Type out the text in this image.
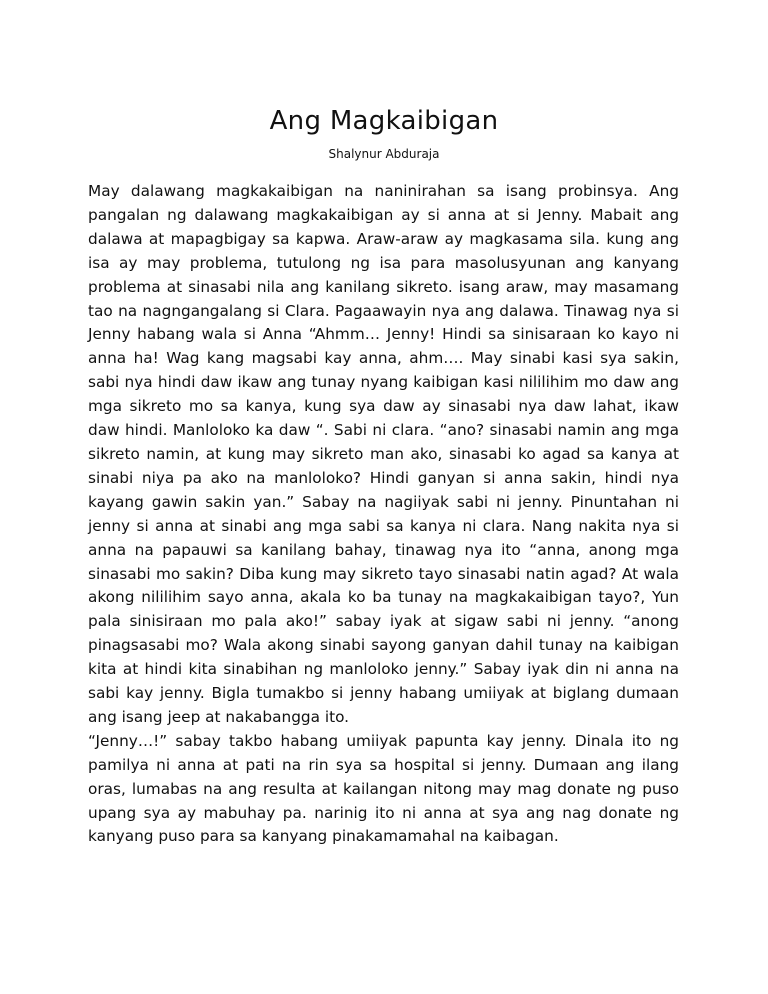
Ang Magkaibigan
Shalynur Abduraja

May dalawang magkakaibigan na naninirahan sa isang probinsya. Ang pangalan ng dalawang magkakaibigan ay si anna at si Jenny. Mabait ang dalawa at mapagbigay sa kapwa. Araw-araw ay magkasama sila. kung ang isa ay may problema, tutulong ng isa para masolusyunan ang kanyang problema at sinasabi nila ang kanilang sikreto. isang araw, may masamang tao na nagngangalang si Clara. Pagaawayin nya ang dalawa. Tinawag nya si Jenny habang wala si Anna “Ahmm… Jenny! Hindi sa sinisaraan ko kayo ni anna ha! Wag kang magsabi kay anna, ahm…. May sinabi kasi sya sakin, sabi nya hindi daw ikaw ang tunay nyang kaibigan kasi nililihim mo daw ang mga sikreto mo sa kanya, kung sya daw ay sinasabi nya daw lahat, ikaw daw hindi. Manloloko ka daw “. Sabi ni clara. “ano? sinasabi namin ang mga sikreto namin, at kung may sikreto man ako, sinasabi ko agad sa kanya at sinabi niya pa ako na manloloko? Hindi ganyan si anna sakin, hindi nya kayang gawin sakin yan.” Sabay na nagiiyak sabi ni jenny. Pinuntahan ni jenny si anna at sinabi ang mga sabi sa kanya ni clara. Nang nakita nya si anna na papauwi sa kanilang bahay, tinawag nya ito “anna, anong mga sinasabi mo sakin? Diba kung may sikreto tayo sinasabi natin agad? At wala akong nililihim sayo anna, akala ko ba tunay na magkakaibigan tayo?, Yun pala sinisiraan mo pala ako!” sabay iyak at sigaw sabi ni jenny. “anong pinagsasabi mo? Wala akong sinabi sayong ganyan dahil tunay na kaibigan kita at hindi kita sinabihan ng manloloko jenny.” Sabay iyak din ni anna na sabi kay jenny. Bigla tumakbo si jenny habang umiiyak at biglang dumaan ang isang jeep at nakabangga ito.

“Jenny…!” sabay takbo habang umiiyak papunta kay jenny. Dinala ito ng pamilya ni anna at pati na rin sya sa hospital si jenny. Dumaan ang ilang oras, lumabas na ang resulta at kailangan nitong may mag donate ng puso upang sya ay mabuhay pa. narinig ito ni anna at sya ang nag donate ng kanyang puso para sa kanyang pinakamamahal na kaibagan.
